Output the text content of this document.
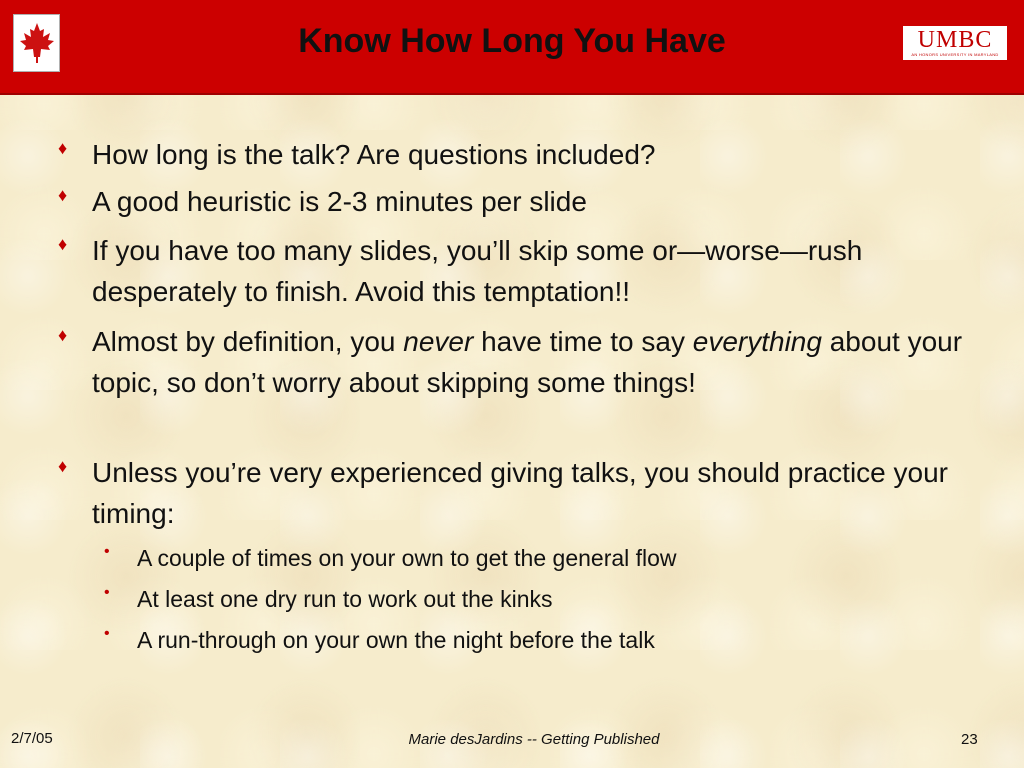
Know How Long You Have	UMBC
AN HONORS UNIVERSITY IN MARYLAND
♦ How long is the talk? Are questions included?
♦ A good heuristic is 2-3 minutes per slide
♦ If you have too many slides, you’ll skip some or—worse—rush desperately to finish. Avoid this temptation!!
♦ Almost by definition, you never have time to say everything about your topic, so don’t worry about skipping some things!
♦ Unless you’re very experienced giving talks, you should practice your timing:
• A couple of times on your own to get the general flow
• At least one dry run to work out the kinks
• A run-through on your own the night before the talk
2/7/05	Marie desJardins -- Getting Published	23
